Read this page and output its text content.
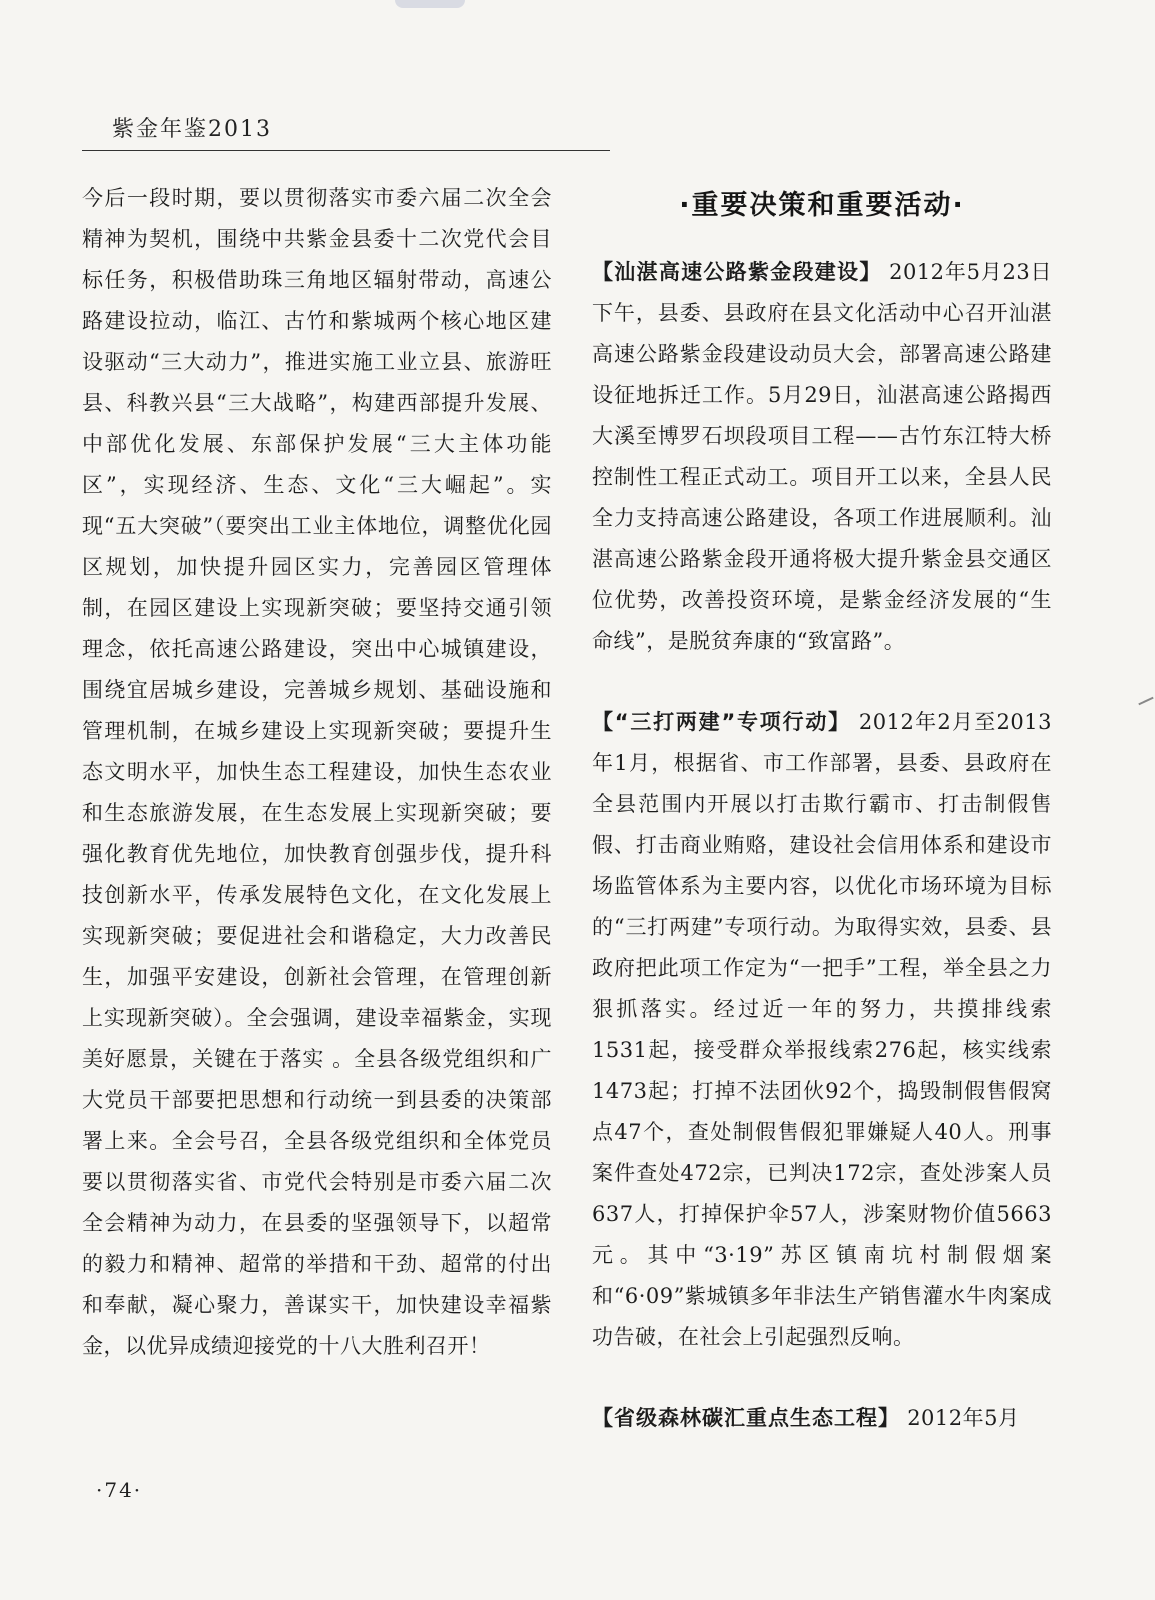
紫金年鉴2013

今后一段时期，要以贯彻落实市委六届二次全会精神为契机，围绕中共紫金县委十二次党代会目标任务，积极借助珠三角地区辐射带动，高速公路建设拉动，临江、古竹和紫城两个核心地区建设驱动“三大动力”，推进实施工业立县、旅游旺县、科教兴县“三大战略”，构建西部提升发展、中部优化发展、东部保护发展“三大主体功能区”，实现经济、生态、文化“三大崛起”。实现“五大突破”（要突出工业主体地位，调整优化园区规划，加快提升园区实力，完善园区管理体制，在园区建设上实现新突破；要坚持交通引领理念，依托高速公路建设，突出中心城镇建设，围绕宜居城乡建设，完善城乡规划、基础设施和管理机制，在城乡建设上实现新突破；要提升生态文明水平，加快生态工程建设，加快生态农业和生态旅游发展，在生态发展上实现新突破；要强化教育优先地位，加快教育创强步伐，提升科技创新水平，传承发展特色文化，在文化发展上实现新突破；要促进社会和谐稳定，大力改善民生，加强平安建设，创新社会管理，在管理创新上实现新突破）。全会强调，建设幸福紫金，实现美好愿景，关键在于落实 。全县各级党组织和广大党员干部要把思想和行动统一到县委的决策部署上来。全会号召，全县各级党组织和全体党员要以贯彻落实省、市党代会特别是市委六届二次全会精神为动力，在县委的坚强领导下，以超常的毅力和精神、超常的举措和干劲、超常的付出和奉献，凝心聚力，善谋实干，加快建设幸福紫金，以优异成绩迎接党的十八大胜利召开！

·重要决策和重要活动·

【汕湛高速公路紫金段建设】 2012年5月23日下午，县委、县政府在县文化活动中心召开汕湛高速公路紫金段建设动员大会，部署高速公路建设征地拆迁工作。5月29日，汕湛高速公路揭西大溪至博罗石坝段项目工程——古竹东江特大桥控制性工程正式动工。项目开工以来，全县人民全力支持高速公路建设，各项工作进展顺利。汕湛高速公路紫金段开通将极大提升紫金县交通区位优势，改善投资环境，是紫金经济发展的“生命线”，是脱贫奔康的“致富路”。

【“三打两建”专项行动】 2012年2月至2013年1月，根据省、市工作部署，县委、县政府在全县范围内开展以打击欺行霸市、打击制假售假、打击商业贿赂，建设社会信用体系和建设市场监管体系为主要内容，以优化市场环境为目标的“三打两建”专项行动。为取得实效，县委、县政府把此项工作定为“一把手”工程，举全县之力狠抓落实。经过近一年的努力，共摸排线索1531起，接受群众举报线索276起，核实线索1473起；打掉不法团伙92个，捣毁制假售假窝点47个，查处制假售假犯罪嫌疑人40人。刑事案件查处472宗，已判决172宗，查处涉案人员637人，打掉保护伞57人，涉案财物价值5663元。其中“3·19”苏区镇南坑村制假烟案和“6·09”紫城镇多年非法生产销售灌水牛肉案成功告破，在社会上引起强烈反响。

【省级森林碳汇重点生态工程】 2012年5月

·74·
